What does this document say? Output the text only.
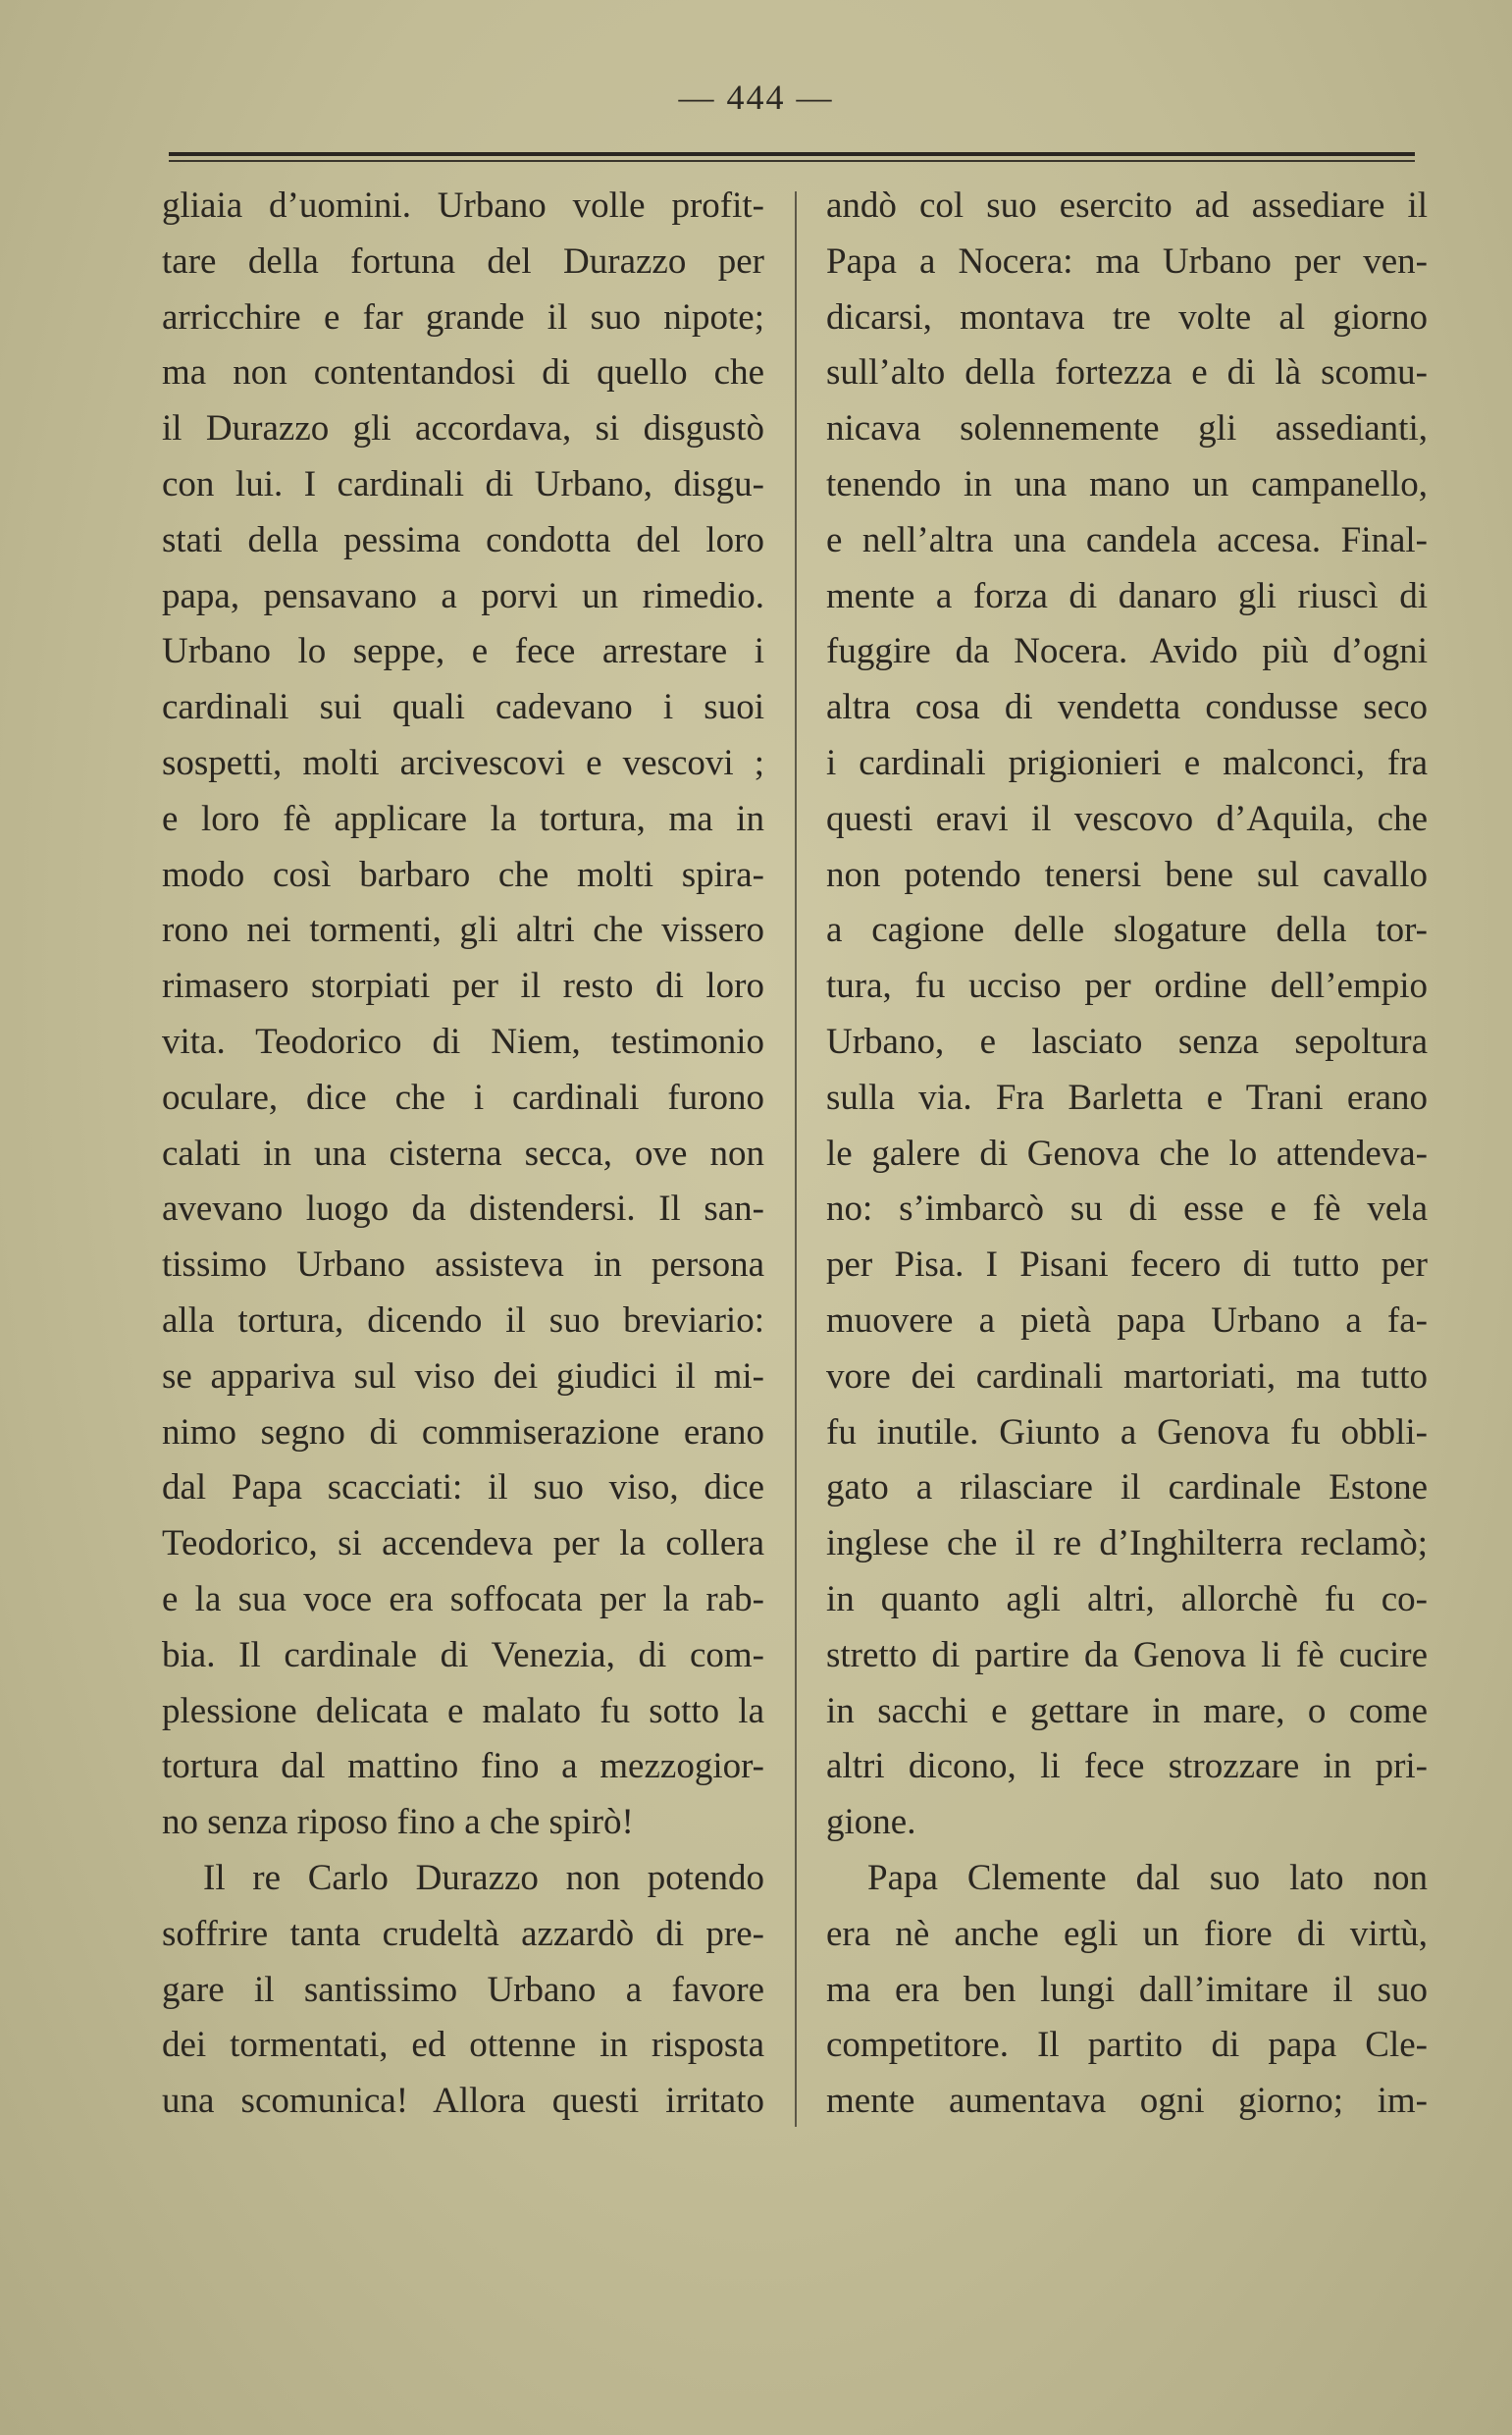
— 444 —
gliaia d’uomini. Urbano volle profit-
tare della fortuna del Durazzo per
arricchire e far grande il suo nipote;
ma non contentandosi di quello che
il Durazzo gli accordava, si disgustò
con lui. I cardinali di Urbano, disgu-
stati della pessima condotta del loro
papa, pensavano a porvi un rimedio.
Urbano lo seppe, e fece arrestare i
cardinali sui quali cadevano i suoi
sospetti, molti arcivescovi e vescovi ;
e loro fè applicare la tortura, ma in
modo così barbaro che molti spira-
rono nei tormenti, gli altri che vissero
rimasero storpiati per il resto di loro
vita. Teodorico di Niem, testimonio
oculare, dice che i cardinali furono
calati in una cisterna secca, ove non
avevano luogo da distendersi. Il san-
tissimo Urbano assisteva in persona
alla tortura, dicendo il suo breviario:
se appariva sul viso dei giudici il mi-
nimo segno di commiserazione erano
dal Papa scacciati: il suo viso, dice
Teodorico, si accendeva per la collera
e la sua voce era soffocata per la rab-
bia. Il cardinale di Venezia, di com-
plessione delicata e malato fu sotto la
tortura dal mattino fino a mezzogior-
no senza riposo fino a che spirò!
Il re Carlo Durazzo non potendo
soffrire tanta crudeltà azzardò di pre-
gare il santissimo Urbano a favore
dei tormentati, ed ottenne in risposta
una scomunica! Allora questi irritato
andò col suo esercito ad assediare il
Papa a Nocera: ma Urbano per ven-
dicarsi, montava tre volte al giorno
sull’alto della fortezza e di là scomu-
nicava solennemente gli assedianti,
tenendo in una mano un campanello,
e nell’altra una candela accesa. Final-
mente a forza di danaro gli riuscì di
fuggire da Nocera. Avido più d’ogni
altra cosa di vendetta condusse seco
i cardinali prigionieri e malconci, fra
questi eravi il vescovo d’Aquila, che
non potendo tenersi bene sul cavallo
a cagione delle slogature della tor-
tura, fu ucciso per ordine dell’empio
Urbano, e lasciato senza sepoltura
sulla via. Fra Barletta e Trani erano
le galere di Genova che lo attendeva-
no: s’imbarcò su di esse e fè vela
per Pisa. I Pisani fecero di tutto per
muovere a pietà papa Urbano a fa-
vore dei cardinali martoriati, ma tutto
fu inutile. Giunto a Genova fu obbli-
gato a rilasciare il cardinale Estone
inglese che il re d’Inghilterra reclamò;
in quanto agli altri, allorchè fu co-
stretto di partire da Genova li fè cucire
in sacchi e gettare in mare, o come
altri dicono, li fece strozzare in pri-
gione.
Papa Clemente dal suo lato non
era nè anche egli un fiore di virtù,
ma era ben lungi dall’imitare il suo
competitore. Il partito di papa Cle-
mente aumentava ogni giorno; im-
